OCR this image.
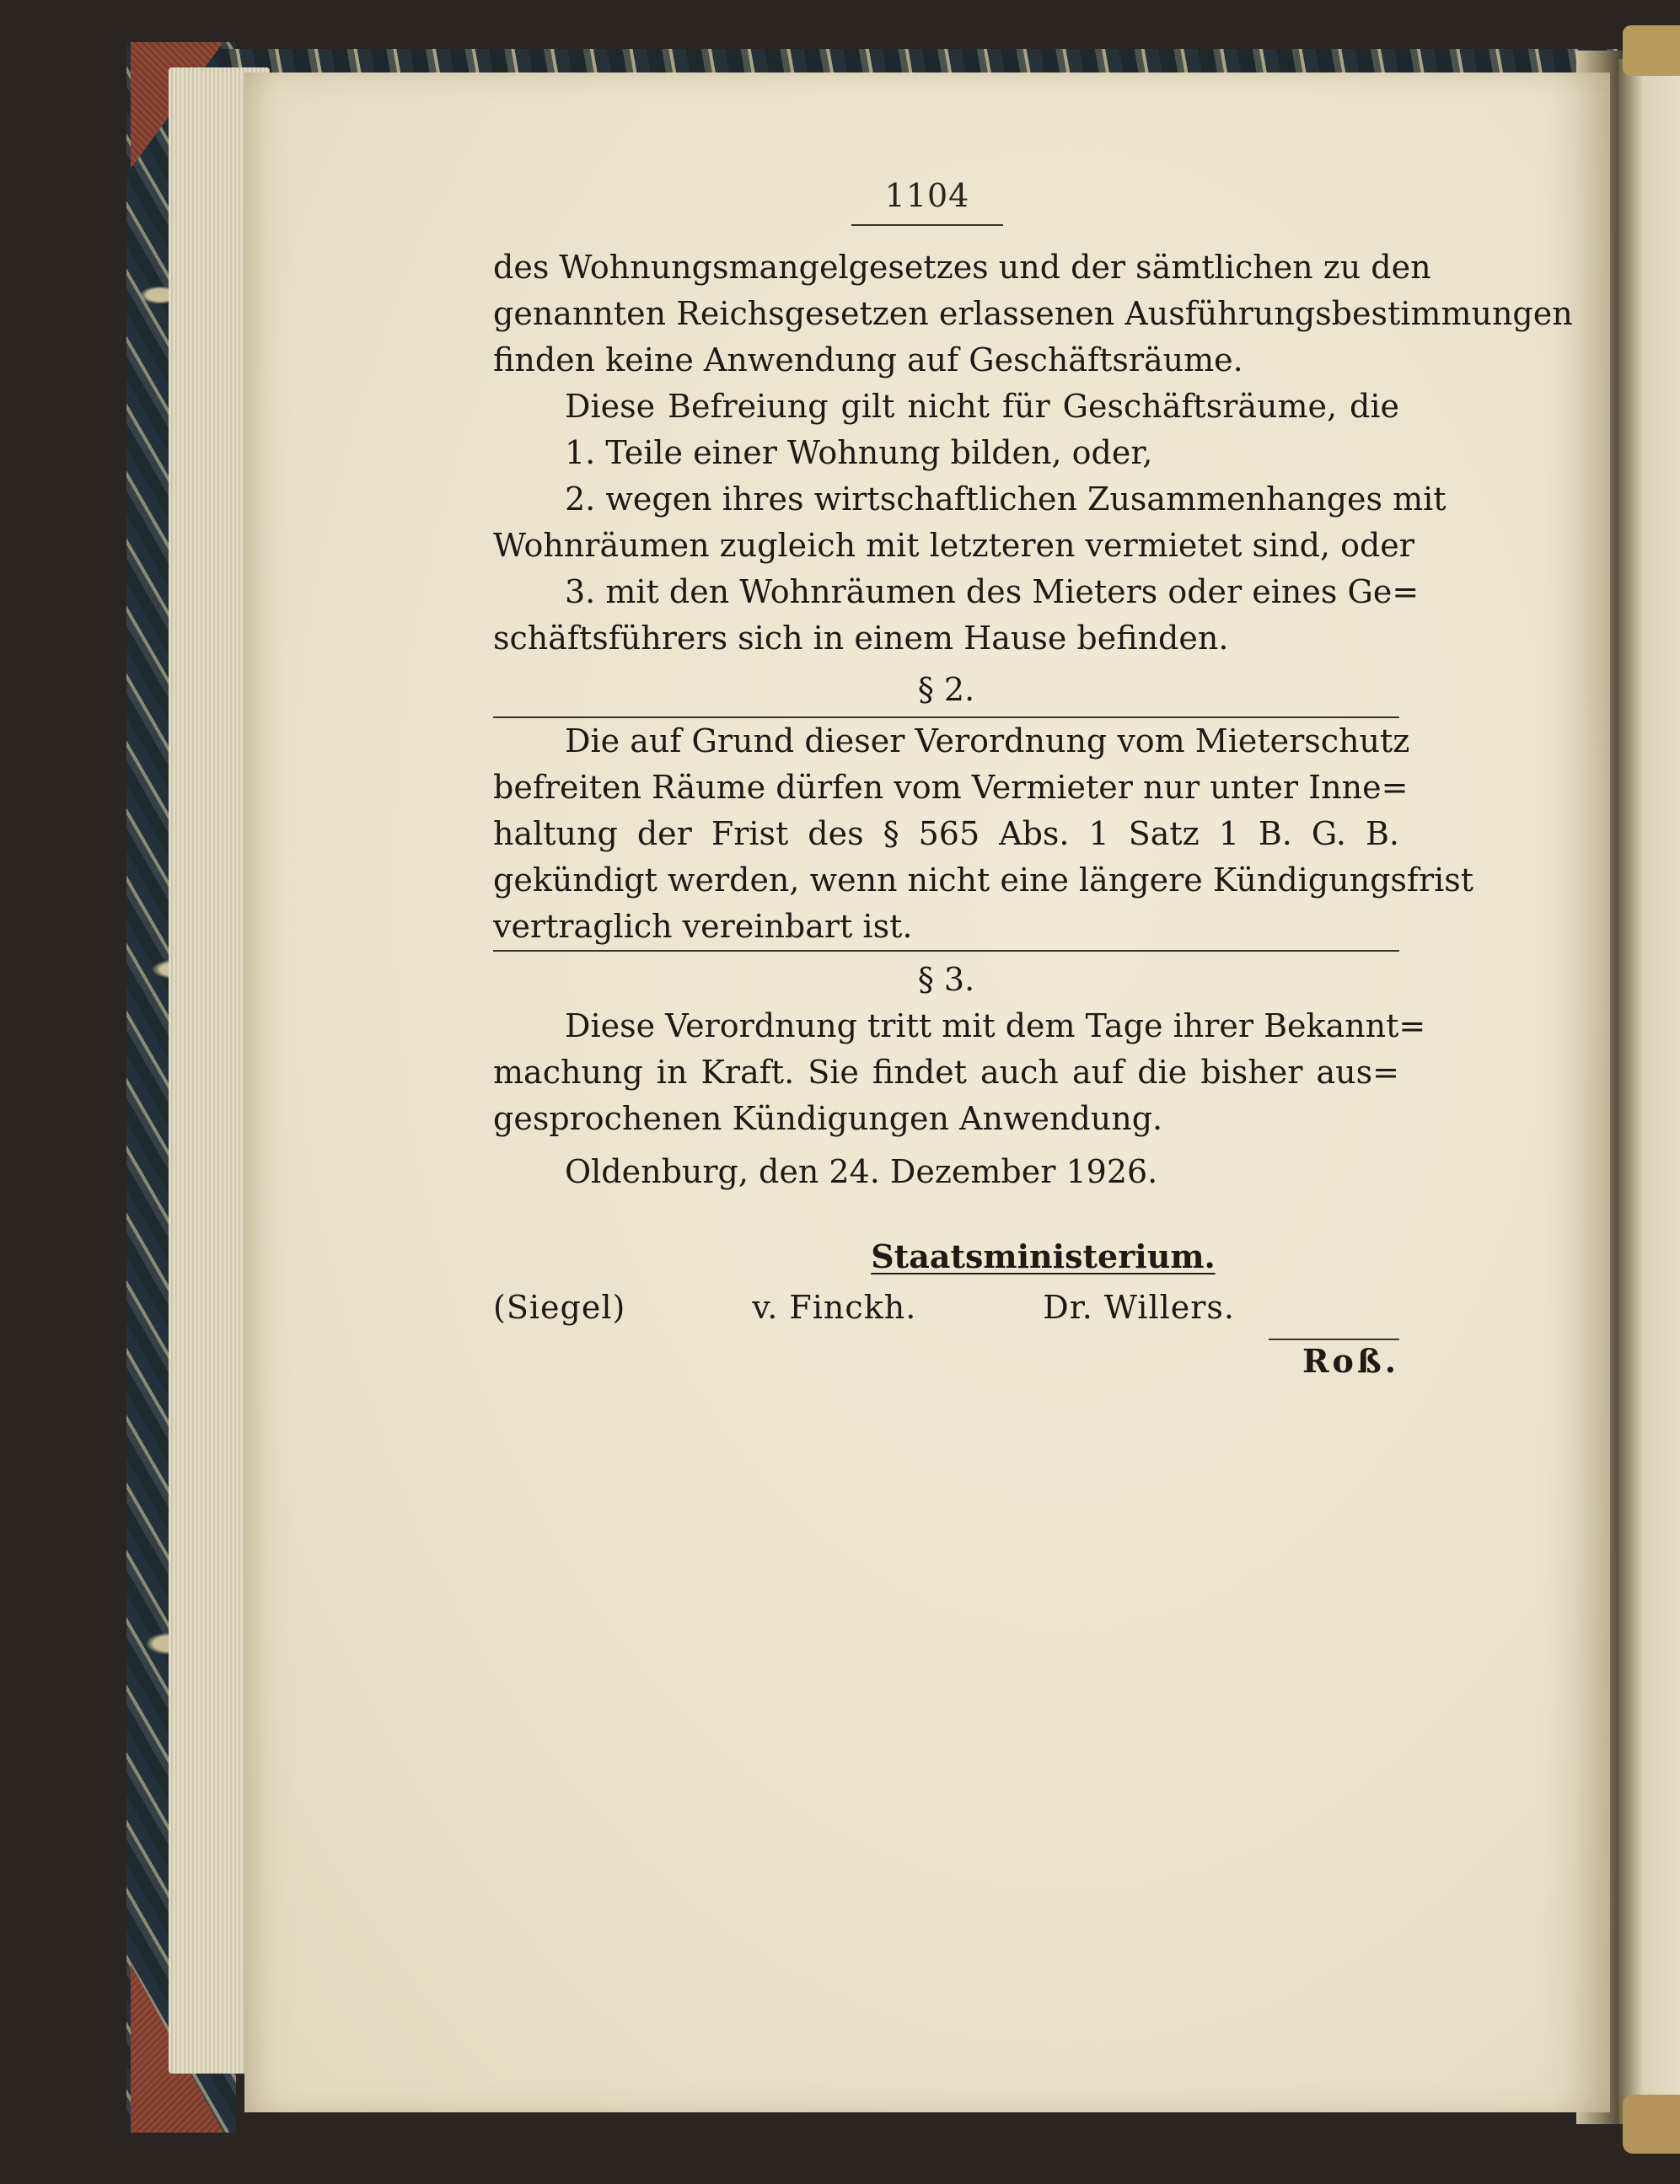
1104
des Wohnungsmangelgesetzes und der sämtlichen zu den
genannten Reichsgesetzen erlassenen Ausführungsbestimmungen
finden keine Anwendung auf Geschäftsräume.
Diese Befreiung gilt nicht für Geschäftsräume, die
1. Teile einer Wohnung bilden, oder,
2. wegen ihres wirtschaftlichen Zusammenhanges mit
Wohnräumen zugleich mit letzteren vermietet sind, oder
3. mit den Wohnräumen des Mieters oder eines Ge=
schäftsführers sich in einem Hause befinden.
§ 2.
Die auf Grund dieser Verordnung vom Mieterschutz
befreiten Räume dürfen vom Vermieter nur unter Inne=
haltung der Frist des § 565 Abs. 1 Satz 1 B. G. B.
gekündigt werden, wenn nicht eine längere Kündigungsfrist
vertraglich vereinbart ist.
§ 3.
Diese Verordnung tritt mit dem Tage ihrer Bekannt=
machung in Kraft. Sie findet auch auf die bisher aus=
gesprochenen Kündigungen Anwendung.
Oldenburg, den 24. Dezember 1926.
Staatsministerium.
(Siegel)	v. Finckh.	Dr. Willers.
Roß.
